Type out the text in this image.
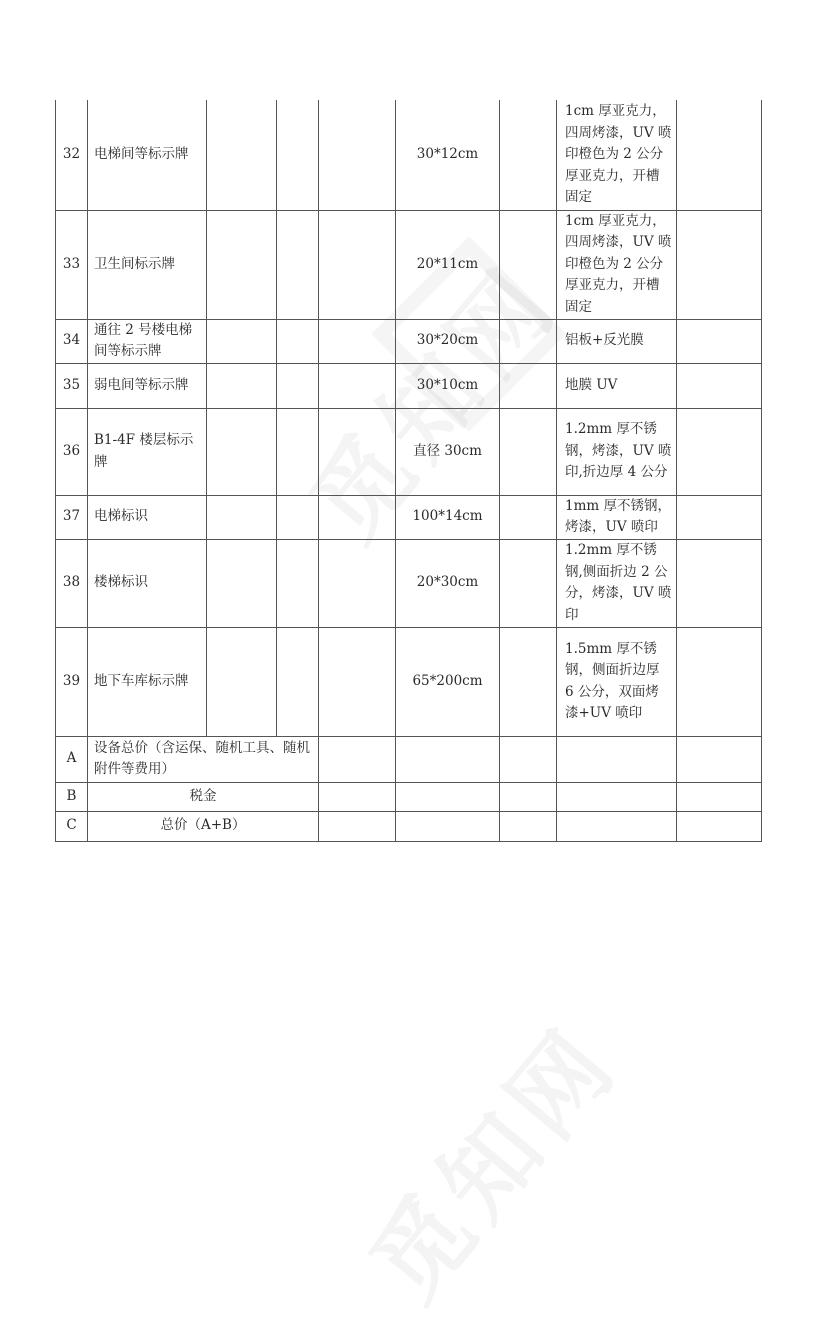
32	电梯间等标示牌				30*12cm		1cm 厚亚克力，四周烤漆，UV 喷印橙色为 2 公分厚亚克力，开槽固定	
33	卫生间标示牌				20*11cm		1cm 厚亚克力，四周烤漆，UV 喷印橙色为 2 公分厚亚克力，开槽固定	
34	通往 2 号楼电梯间等标示牌				30*20cm		铝板+反光膜	
35	弱电间等标示牌				30*10cm		地膜 UV	
36	B1-4F 楼层标示牌				直径 30cm		1.2mm 厚不锈钢，烤漆，UV 喷印,折边厚 4 公分	
37	电梯标识				100*14cm		1mm 厚不锈钢，烤漆，UV 喷印	
38	楼梯标识				20*30cm		1.2mm 厚不锈钢,侧面折边 2 公分，烤漆，UV 喷印	
39	地下车库标示牌				65*200cm		1.5mm 厚不锈钢，侧面折边厚 6 公分，双面烤漆+UV 喷印	
A	设备总价（含运保、随机工具、随机附件等费用）							
B	税金							
C	总价（A+B）							
